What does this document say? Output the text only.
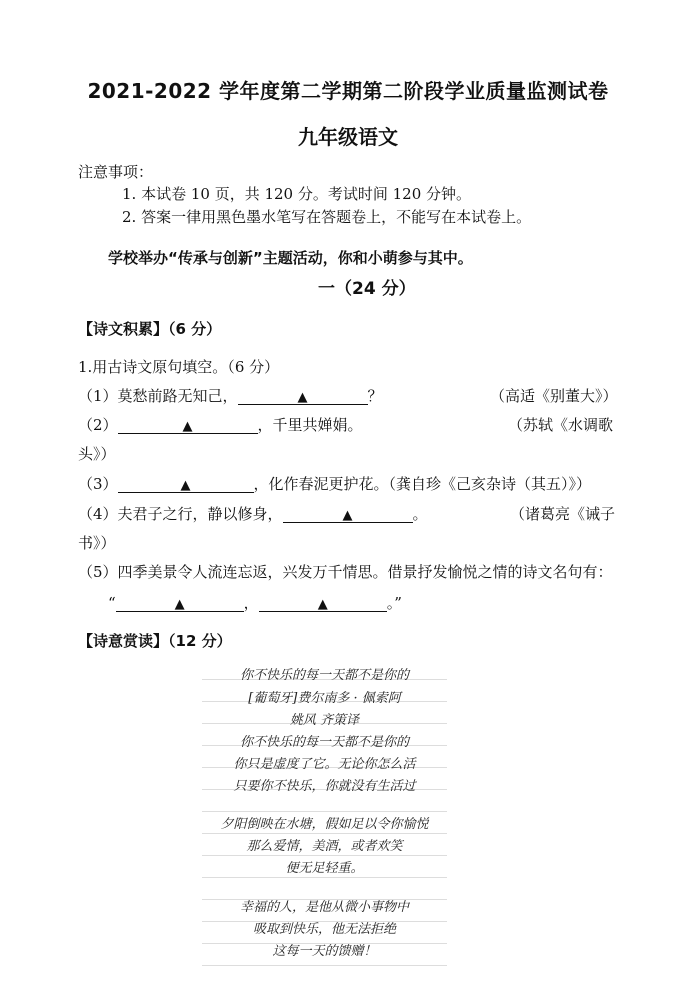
2021-2022 学年度第二学期第二阶段学业质量监测试卷
九年级语文
注意事项：
1. 本试卷 10 页，共 120 分。考试时间 120 分钟。
2. 答案一律用黑色墨水笔写在答题卷上，不能写在本试卷上。
学校举办“传承与创新”主题活动，你和小萌参与其中。
一（24 分）
【诗文积累】（6 分）
1.用古诗文原句填空。（6 分）
（1）莫愁前路无知己，	▲	？	（高适《别董大》）
（2）	▲	，千里共婵娟。	（苏轼《水调歌
头》）
（3）	▲	，化作春泥更护花。（龚自珍《己亥杂诗（其五）》）
（4）夫君子之行，静以修身，	▲	。	（诸葛亮《诫子
书》）
（5）四季美景令人流连忘返，兴发万千情思。借景抒发愉悦之情的诗文名句有：
“	▲	，	▲	。”
【诗意赏读】（12 分）
你不快乐的每一天都不是你的
[葡萄牙]费尔南多 · 佩索阿
姚风 齐策译
你不快乐的每一天都不是你的
你只是虚度了它。无论你怎么活
只要你不快乐，你就没有生活过
夕阳倒映在水塘，假如足以令你愉悦
那么爱情，美酒，或者欢笑
便无足轻重。
幸福的人，是他从微小事物中
吸取到快乐，他无法拒绝
这每一天的馈赠！
